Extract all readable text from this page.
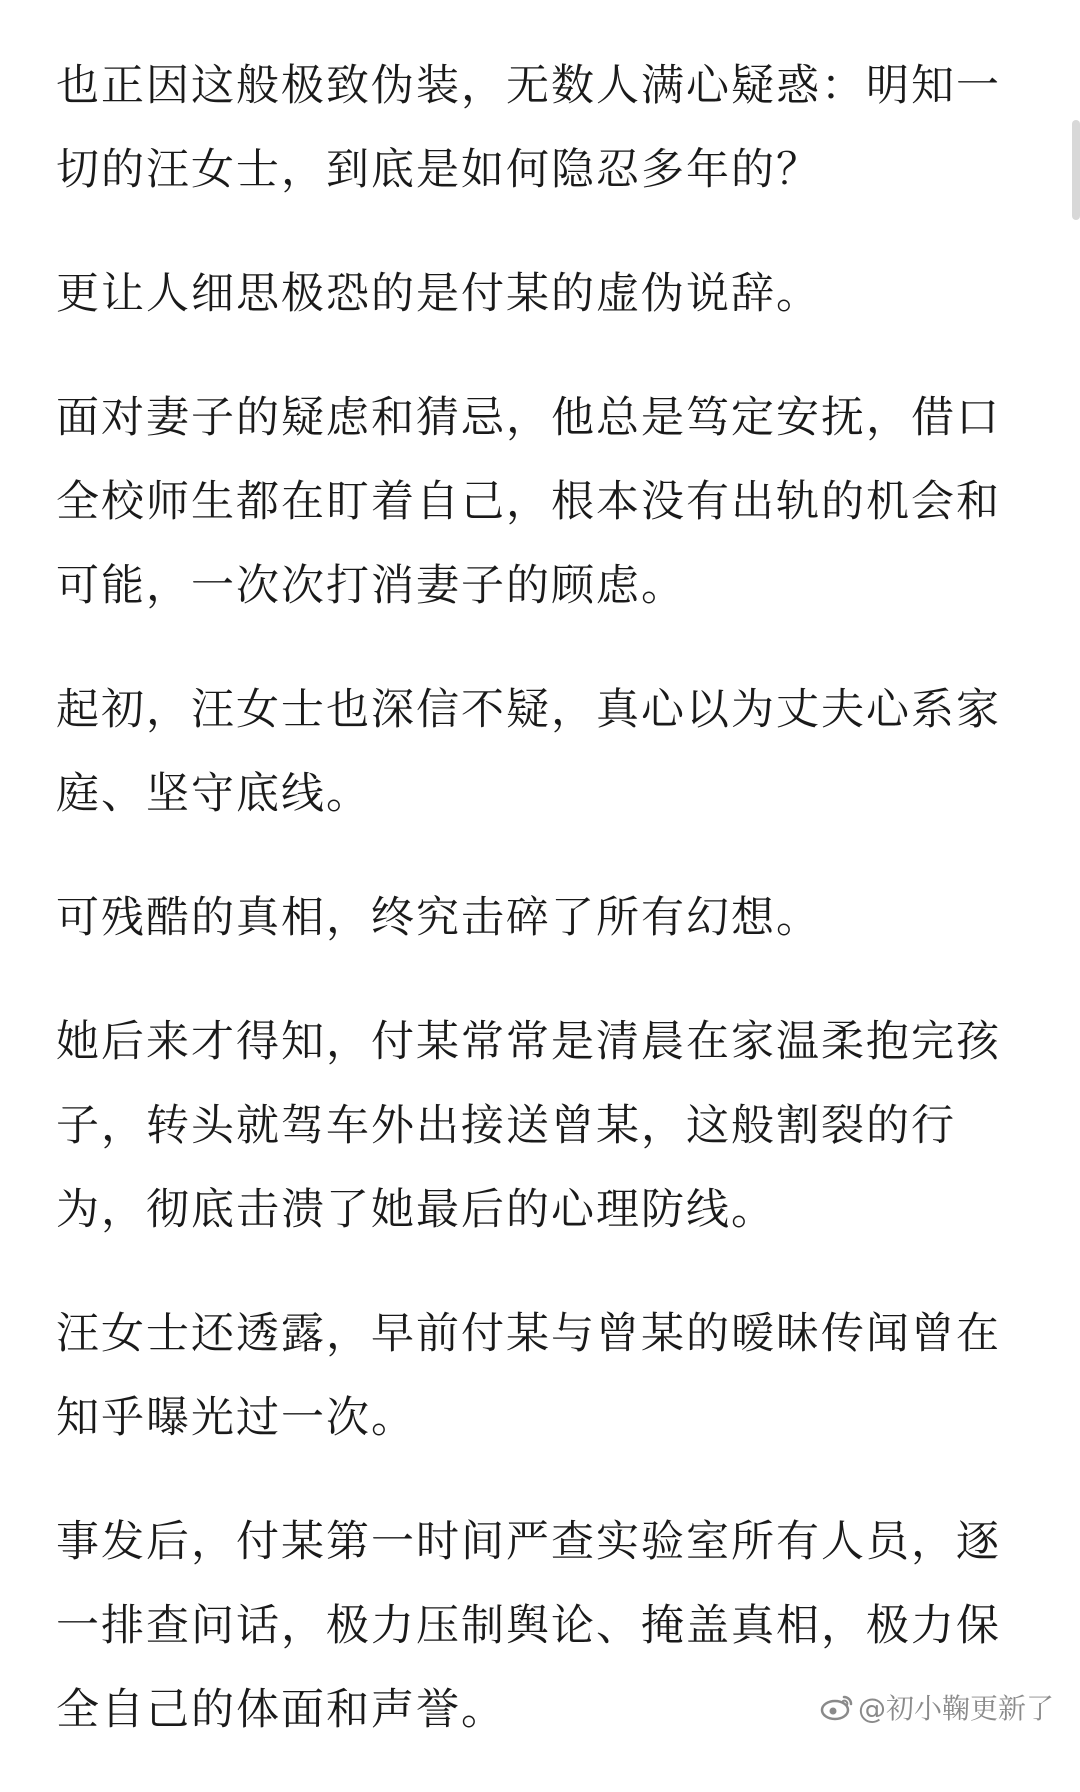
也正因这般极致伪装，无数人满心疑惑：明知一切的汪女士，到底是如何隐忍多年的？

更让人细思极恐的是付某的虚伪说辞。

面对妻子的疑虑和猜忌，他总是笃定安抚，借口全校师生都在盯着自己，根本没有出轨的机会和可能，一次次打消妻子的顾虑。

起初，汪女士也深信不疑，真心以为丈夫心系家庭、坚守底线。

可残酷的真相，终究击碎了所有幻想。

她后来才得知，付某常常是清晨在家温柔抱完孩子，转头就驾车外出接送曾某，这般割裂的行为，彻底击溃了她最后的心理防线。

汪女士还透露，早前付某与曾某的暧昧传闻曾在知乎曝光过一次。

事发后，付某第一时间严查实验室所有人员，逐一排查问话，极力压制舆论、掩盖真相，极力保全自己的体面和声誉。	@初小鞠更新了
